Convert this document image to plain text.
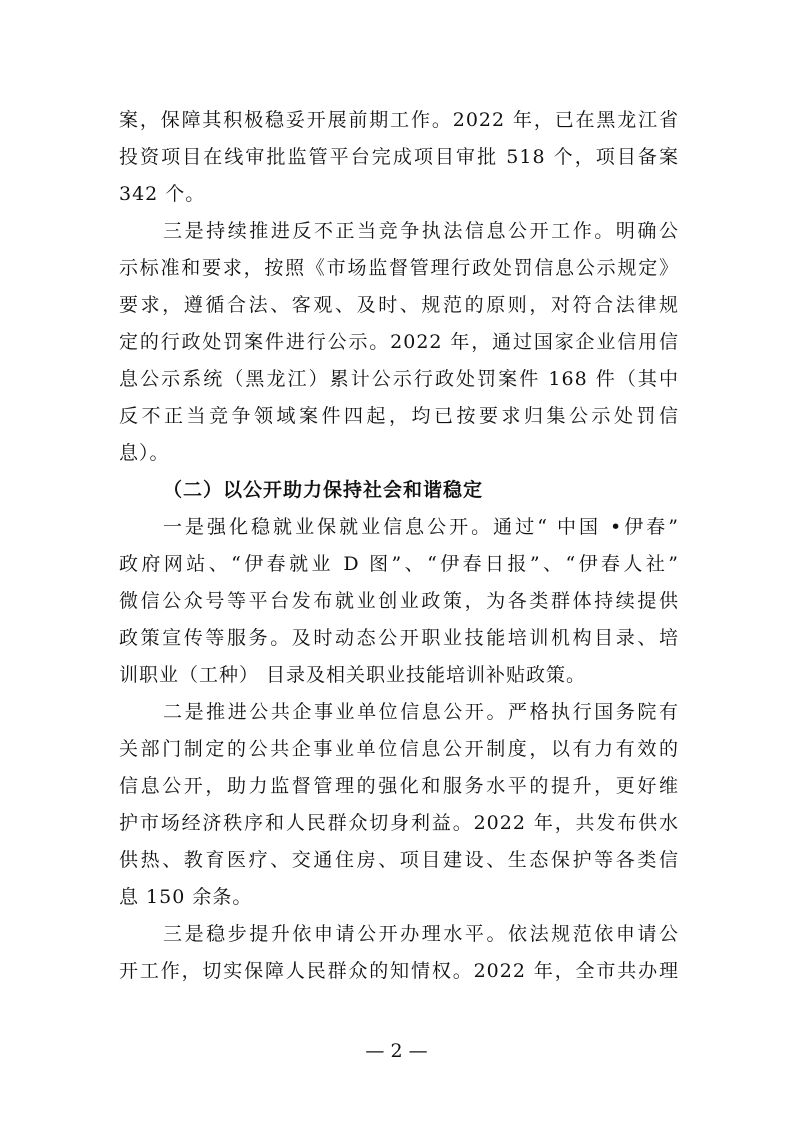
案，保障其积极稳妥开展前期工作。2022 年，已在黑龙江省
投资项目在线审批监管平台完成项目审批 518 个，项目备案
342 个。
三是持续推进反不正当竞争执法信息公开工作。明确公
示标准和要求，按照《市场监督管理行政处罚信息公示规定》
要求，遵循合法、客观、及时、规范的原则，对符合法律规
定的行政处罚案件进行公示。2022 年，通过国家企业信用信
息公示系统（黑龙江）累计公示行政处罚案件 168 件（其中
反不正当竞争领域案件四起，均已按要求归集公示处罚信
息）。
（二）以公开助力保持社会和谐稳定
一是强化稳就业保就业信息公开。通过“ 中国 •伊春”
政府网站、“伊春就业 D 图”、“伊春日报”、“伊春人社”
微信公众号等平台发布就业创业政策，为各类群体持续提供
政策宣传等服务。及时动态公开职业技能培训机构目录、培
训职业（工种） 目录及相关职业技能培训补贴政策。
二是推进公共企事业单位信息公开。严格执行国务院有
关部门制定的公共企事业单位信息公开制度，以有力有效的
信息公开，助力监督管理的强化和服务水平的提升，更好维
护市场经济秩序和人民群众切身利益。2022 年，共发布供水
供热、教育医疗、交通住房、项目建设、生态保护等各类信
息 150 余条。
三是稳步提升依申请公开办理水平。依法规范依申请公
开工作，切实保障人民群众的知情权。2022 年，全市共办理
— 2 —
